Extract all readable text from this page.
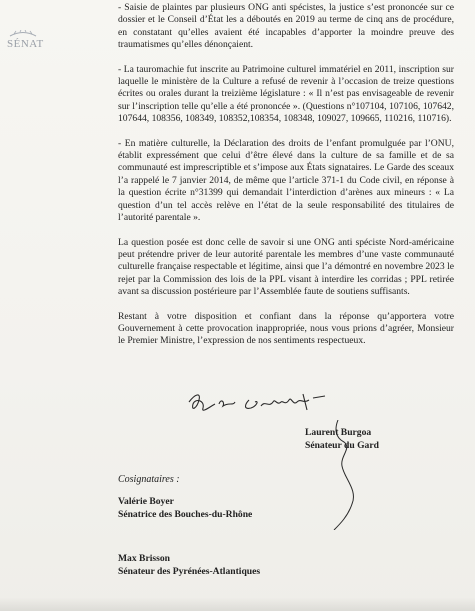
SÉNAT

- Saisie de plaintes par plusieurs ONG anti spécistes, la justice s’est prononcée sur ce dossier et le Conseil d’État les a déboutés en 2019 au terme de cinq ans de procédure, en constatant qu’elles avaient été incapables d’apporter la moindre preuve des traumatismes qu’elles dénonçaient.

- La tauromachie fut inscrite au Patrimoine culturel immatériel en 2011, inscription sur laquelle le ministère de la Culture a refusé de revenir à l’occasion de treize questions écrites ou orales durant la treizième législature : « Il n’est pas envisageable de revenir sur l’inscription telle qu’elle a été prononcée ». (Questions n°107104, 107106, 107642, 107644, 108356, 108349, 108352,108354, 108348, 109027, 109665, 110216, 110716).

- En matière culturelle, la Déclaration des droits de l’enfant promulguée par l’ONU, établit expressément que celui d’être élevé dans la culture de sa famille et de sa communauté est imprescriptible et s’impose aux États signataires. Le Garde des sceaux l’a rappelé le 7 janvier 2014, de même que l’article 371-1 du Code civil, en réponse à la question écrite n°31399 qui demandait l’interdiction d’arènes aux mineurs : « La question d’un tel accès relève en l’état de la seule responsabilité des titulaires de l’autorité parentale ».

La question posée est donc celle de savoir si une ONG anti spéciste Nord-américaine peut prétendre priver de leur autorité parentale les membres d’une vaste communauté culturelle française respectable et légitime, ainsi que l’a démontré en novembre 2023 le rejet par la Commission des lois de la PPL visant à interdire les corridas ; PPL retirée avant sa discussion postérieure par l’Assemblée faute de soutiens suffisants.

Restant à votre disposition et confiant dans la réponse qu’apportera votre Gouvernement à cette provocation inappropriée, nous vous prions d’agréer, Monsieur le Premier Ministre, l’expression de nos sentiments respectueux.

Laurent Burgoa
Sénateur du Gard
Cosignataires :
Valérie Boyer
Sénatrice des Bouches-du-Rhône
Max Brisson
Sénateur des Pyrénées-Atlantiques
